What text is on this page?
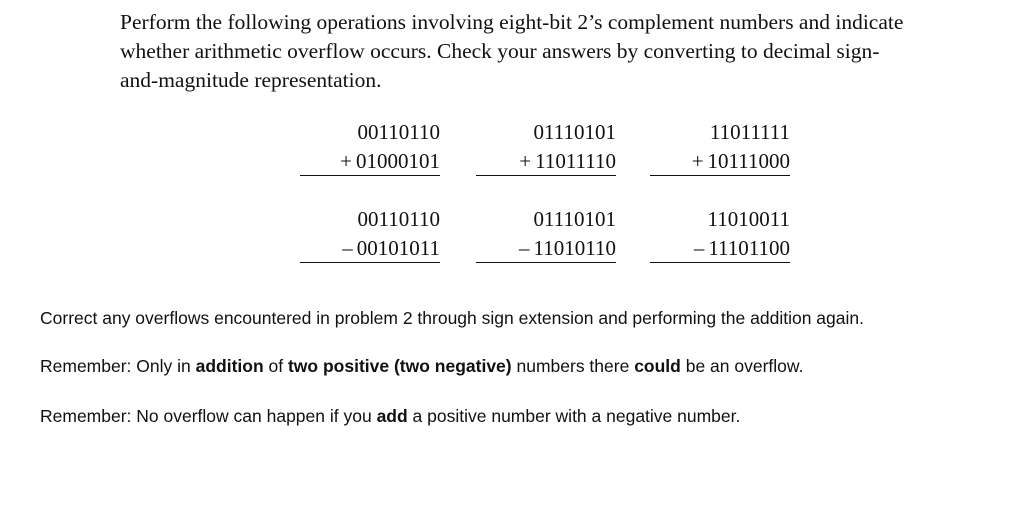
Perform the following operations involving eight-bit 2’s complement numbers and indicate

whether arithmetic overflow occurs. Check your answers by converting to decimal sign-

and-magnitude representation.

00110110
+ 01000101
01110101
+ 11011110
11011111
+ 10111000
00110110
– 00101011
01110101
– 11010110
11010011
– 11101100

Correct any overflows encountered in problem 2 through sign extension and performing the addition again.

Remember: Only in addition of two positive (two negative) numbers there could be an overflow.

Remember: No overflow can happen if you add a positive number with a negative number.
